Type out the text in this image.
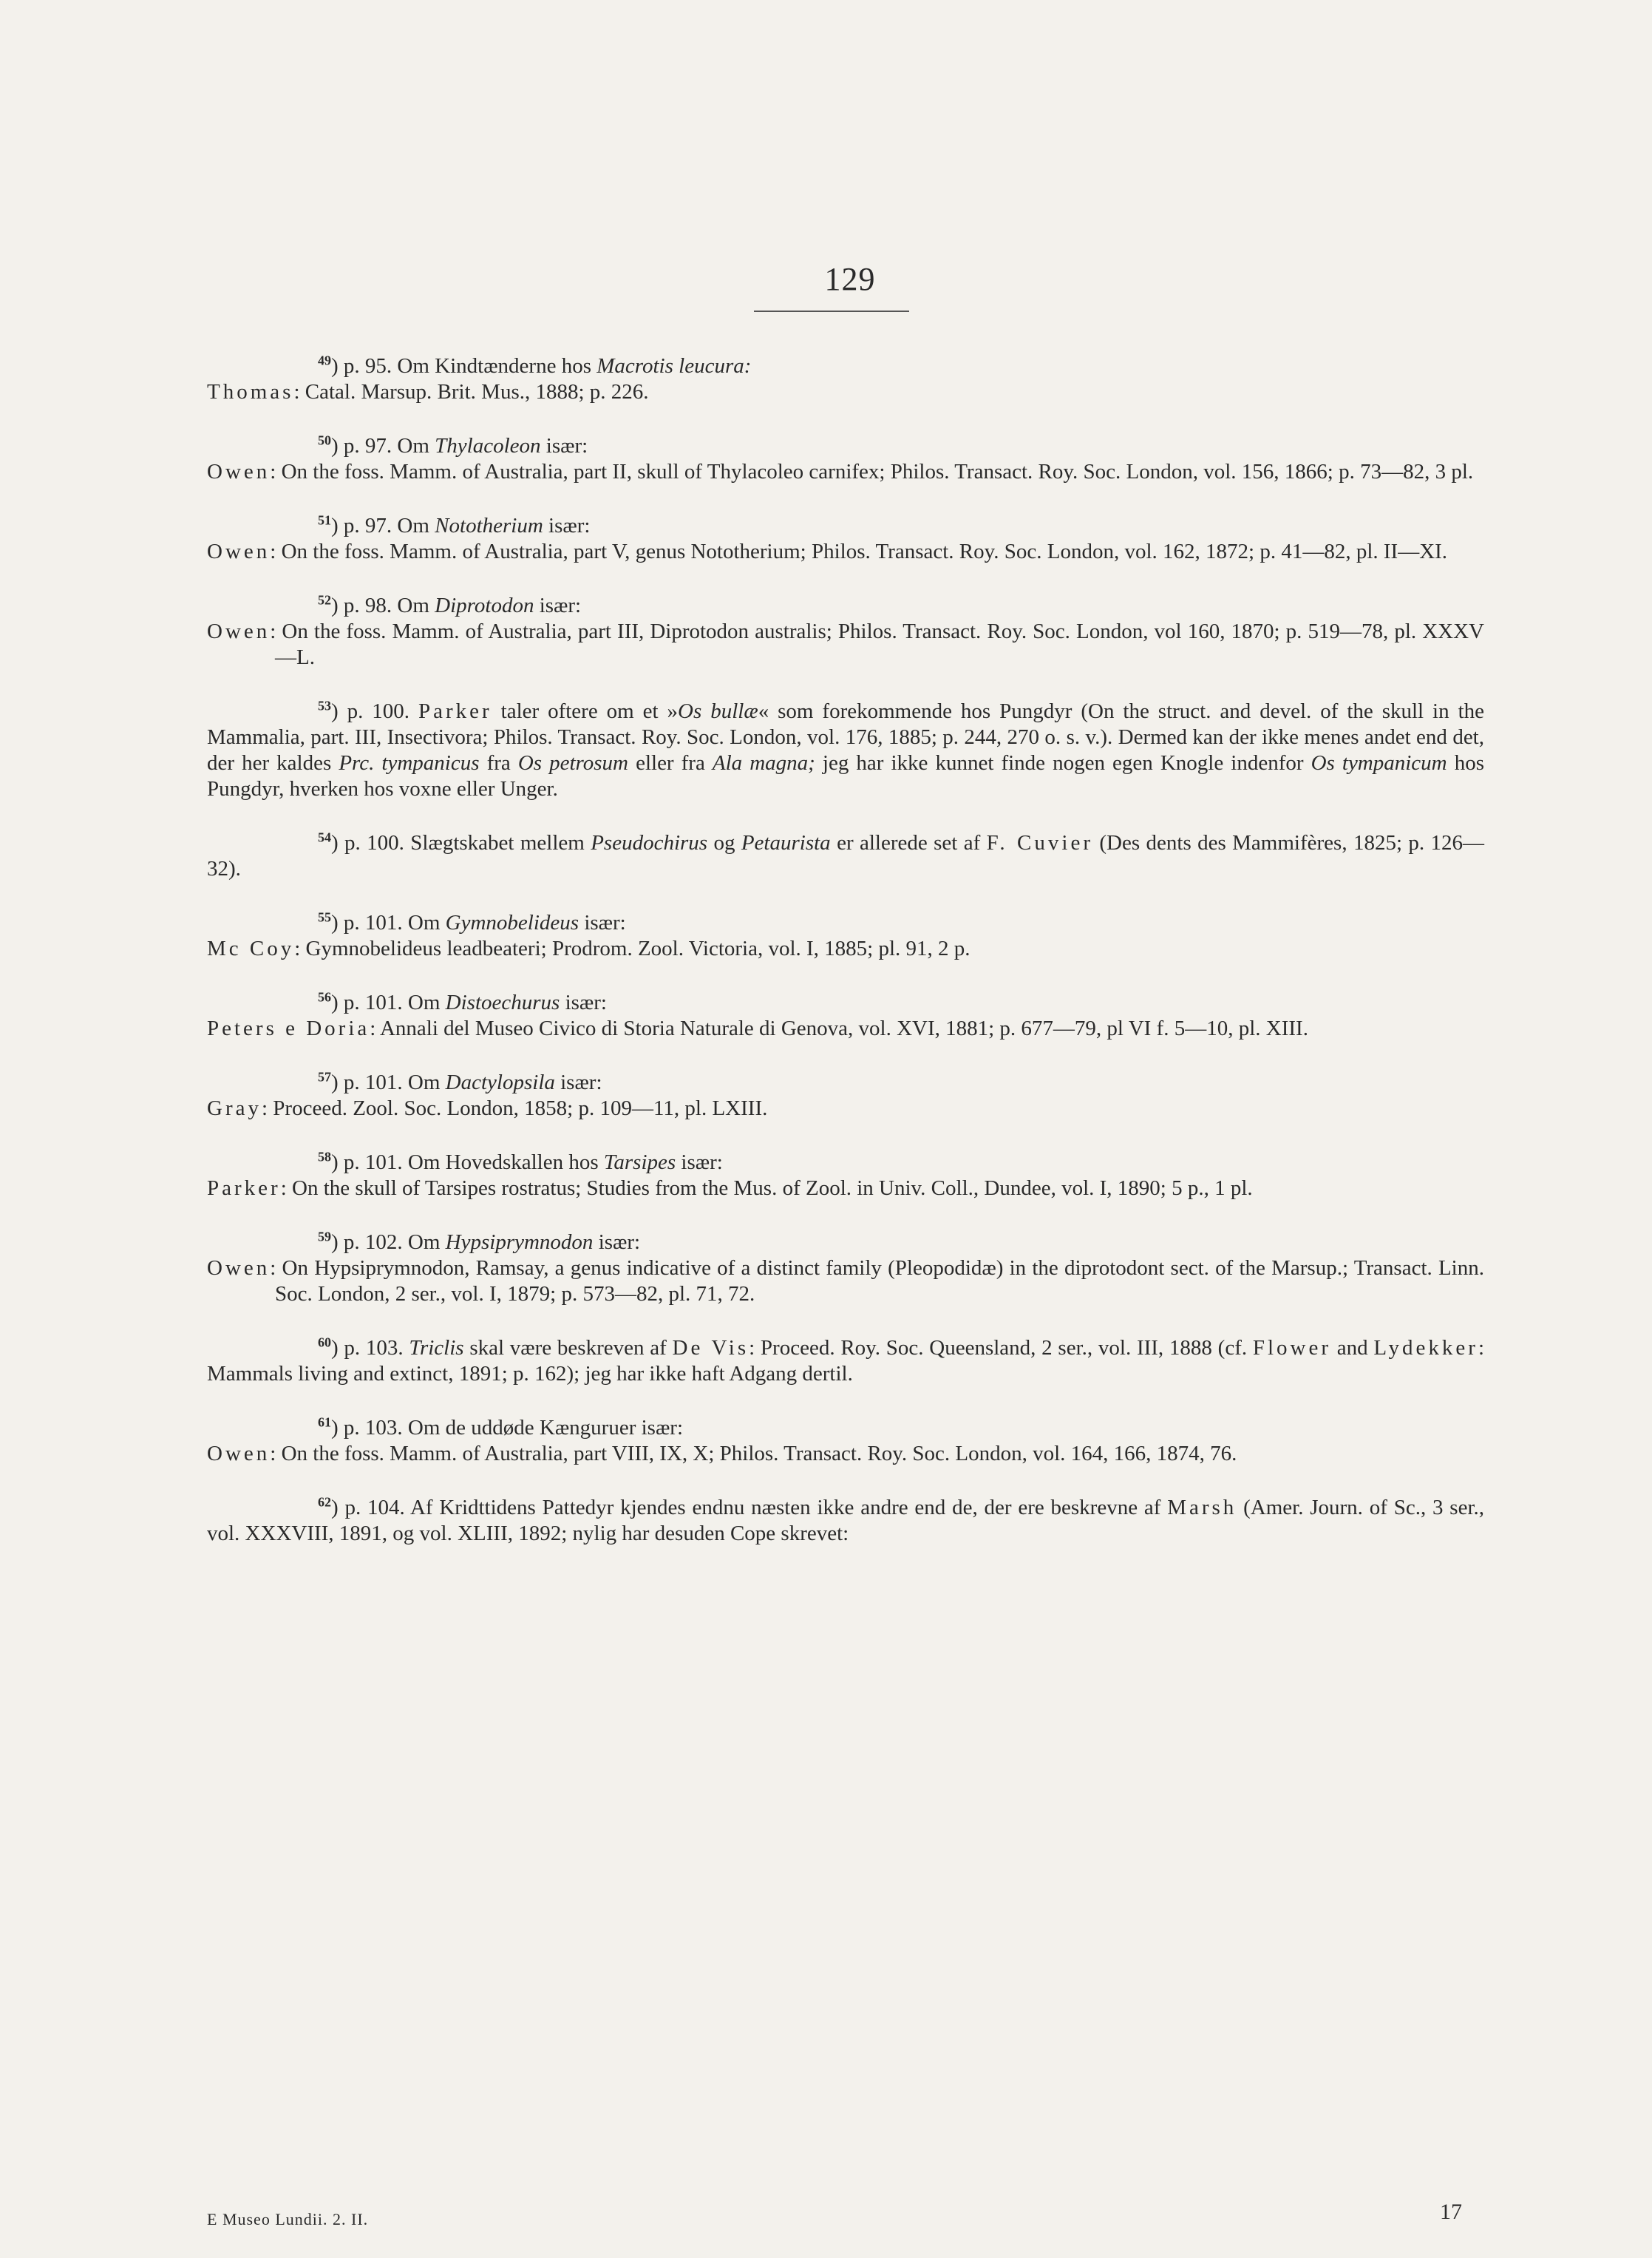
129
$^{49}$) p. 95. Om Kindtænderne hos Macrotis leucura:
Thomas: Catal. Marsup. Brit. Mus., 1888; p. 226.
$^{50}$) p. 97. Om Thylacoleon især:
Owen: On the foss. Mamm. of Australia, part II, skull of Thylacoleo carnifex; Philos. Transact. Roy. Soc. London, vol. 156, 1866; p. 73—82, 3 pl.
$^{51}$) p. 97. Om Nototherium især:
Owen: On the foss. Mamm. of Australia, part V, genus Nototherium; Philos. Transact. Roy. Soc. London, vol. 162, 1872; p. 41—82, pl. II—XI.
$^{52}$) p. 98. Om Diprotodon især:
Owen: On the foss. Mamm. of Australia, part III, Diprotodon australis; Philos. Transact. Roy. Soc. London, vol 160, 1870; p. 519—78, pl. XXXV—L.
$^{53}$) p. 100. Parker taler oftere om et »Os bullæ« som forekommende hos Pungdyr (On the struct. and devel. of the skull in the Mammalia, part. III, Insectivora; Philos. Transact. Roy. Soc. London, vol. 176, 1885; p. 244, 270 o. s. v.). Dermed kan der ikke menes andet end det, der her kaldes Prc. tympanicus fra Os petrosum eller fra Ala magna; jeg har ikke kunnet finde nogen egen Knogle indenfor Os tympanicum hos Pungdyr, hverken hos voxne eller Unger.
$^{54}$) p. 100. Slægtskabet mellem Pseudochirus og Petaurista er allerede set af F. Cuvier (Des dents des Mammifères, 1825; p. 126—32).
$^{55}$) p. 101. Om Gymnobelideus især:
Mc Coy: Gymnobelideus leadbeateri; Prodrom. Zool. Victoria, vol. I, 1885; pl. 91, 2 p.
$^{56}$) p. 101. Om Distoechurus især:
Peters e Doria: Annali del Museo Civico di Storia Naturale di Genova, vol. XVI, 1881; p. 677—79, pl VI f. 5—10, pl. XIII.
$^{57}$) p. 101. Om Dactylopsila især:
Gray: Proceed. Zool. Soc. London, 1858; p. 109—11, pl. LXIII.
$^{58}$) p. 101. Om Hovedskallen hos Tarsipes især:
Parker: On the skull of Tarsipes rostratus; Studies from the Mus. of Zool. in Univ. Coll., Dundee, vol. I, 1890; 5 p., 1 pl.
$^{59}$) p. 102. Om Hypsiprymnodon især:
Owen: On Hypsiprymnodon, Ramsay, a genus indicative of a distinct family (Pleopodidæ) in the diprotodont sect. of the Marsup.; Transact. Linn. Soc. London, 2 ser., vol. I, 1879; p. 573—82, pl. 71, 72.
$^{60}$) p. 103. Triclis skal være beskreven af De Vis: Proceed. Roy. Soc. Queensland, 2 ser., vol. III, 1888 (cf. Flower and Lydekker: Mammals living and extinct, 1891; p. 162); jeg har ikke haft Adgang dertil.
$^{61}$) p. 103. Om de uddøde Kænguruer især:
Owen: On the foss. Mamm. of Australia, part VIII, IX, X; Philos. Transact. Roy. Soc. London, vol. 164, 166, 1874, 76.
$^{62}$) p. 104. Af Kridttidens Pattedyr kjendes endnu næsten ikke andre end de, der ere beskrevne af Marsh (Amer. Journ. of Sc., 3 ser., vol. XXXVIII, 1891, og vol. XLIII, 1892; nylig har desuden Cope skrevet:
E Museo Lundii. 2. II.	17
